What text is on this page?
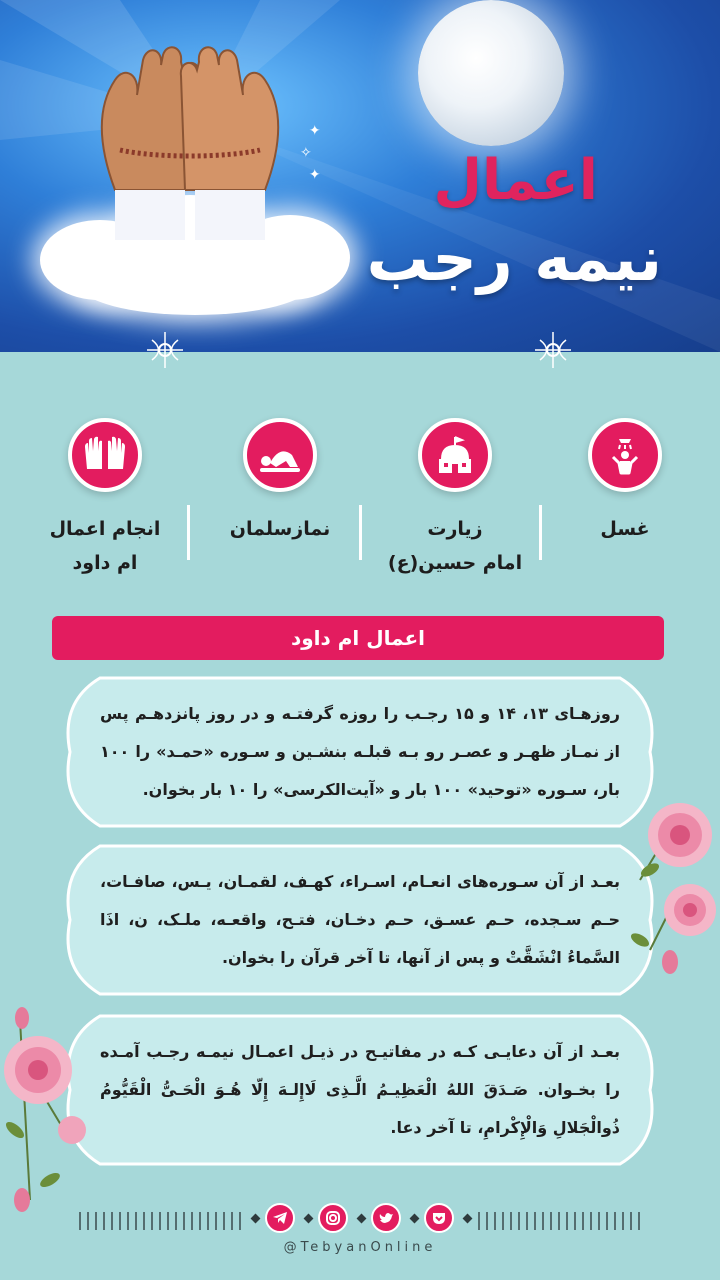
✦
✧
✦	اعمال
نیمه رجب
غسل
زیارت
امام حسین(ع)
نمازسلمان
انجام اعمال
ام داود
اعمال ام داود
روزهـای ۱۳، ۱۴ و ۱۵ رجـب را روزه گرفتـه و در روز پانزدهـم پس از نمـاز ظهـر و عصـر رو بـه قبلـه بنشـین و سـوره «حمـد» را ۱۰۰ بار، سـوره «توحید» ۱۰۰ بار و «آیت‌الکرسی» را ۱۰ بار بخوان.
بعـد از آن سـوره‌های انعـام، اسـراء، کهـف، لقمـان، یـس، صافـات، حـم سـجده، حـم عسـق، حـم دخـان، فتـح، واقعـه، ملـک، ن، اذَا السَّماءُ انْشَقَّتْ و پس از آنها، تا آخر قرآن را بخوان.
بعـد از آن دعایـی کـه در مفاتیـح در ذیـل اعمـال نیمـه رجـب آمـده را بخـوان. صَـدَقَ اللهُ الْعَظِیـمُ الَّـذِی لَاإِلـهَ إِلّا هُـوَ الْحَـیُّ الْقَیُّومُ ذُوالْجَلالِ وَالْإِكْرامِ، تا آخر دعا.
@TebyanOnline
